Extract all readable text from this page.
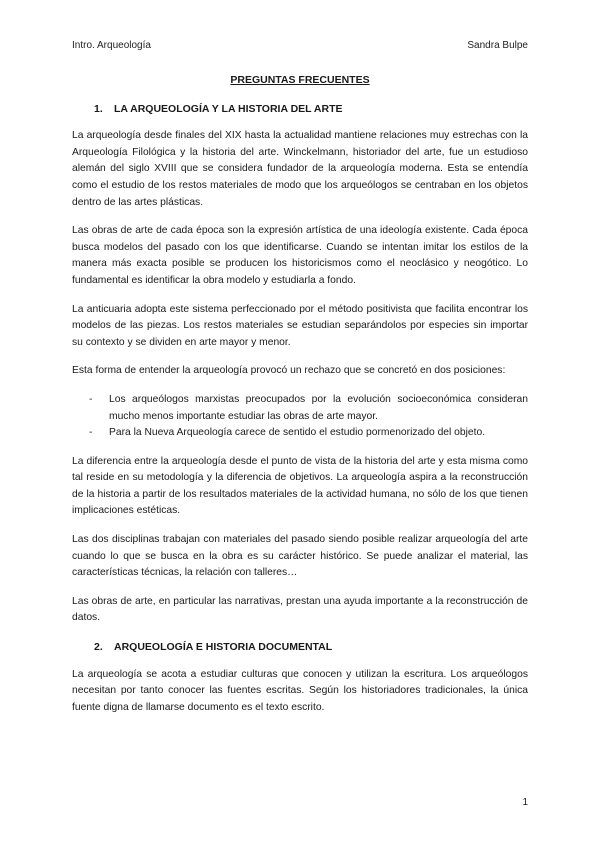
Intro. Arqueología	Sandra Bulpe
PREGUNTAS FRECUENTES
1. LA ARQUEOLOGÍA Y LA HISTORIA DEL ARTE

La arqueología desde finales del XIX hasta la actualidad mantiene relaciones muy estrechas con la Arqueología Filológica y la historia del arte. Winckelmann, historiador del arte, fue un estudioso alemán del siglo XVIII que se considera fundador de la arqueología moderna. Esta se entendía como el estudio de los restos materiales de modo que los arqueólogos se centraban en los objetos dentro de las artes plásticas.

Las obras de arte de cada época son la expresión artística de una ideología existente. Cada época busca modelos del pasado con los que identificarse. Cuando se intentan imitar los estilos de la manera más exacta posible se producen los historicismos como el neoclásico y neogótico. Lo fundamental es identificar la obra modelo y estudiarla a fondo.

La anticuaria adopta este sistema perfeccionado por el método positivista que facilita encontrar los modelos de las piezas. Los restos materiales se estudian separándolos por especies sin importar su contexto y se dividen en arte mayor y menor.

Esta forma de entender la arqueología provocó un rechazo que se concretó en dos posiciones:

- Los arqueólogos marxistas preocupados por la evolución socioeconómica consideran mucho menos importante estudiar las obras de arte mayor.
- Para la Nueva Arqueología carece de sentido el estudio pormenorizado del objeto.

La diferencia entre la arqueología desde el punto de vista de la historia del arte y esta misma como tal reside en su metodología y la diferencia de objetivos. La arqueología aspira a la reconstrucción de la historia a partir de los resultados materiales de la actividad humana, no sólo de los que tienen implicaciones estéticas.

Las dos disciplinas trabajan con materiales del pasado siendo posible realizar arqueología del arte cuando lo que se busca en la obra es su carácter histórico. Se puede analizar el material, las características técnicas, la relación con talleres…

Las obras de arte, en particular las narrativas, prestan una ayuda importante a la reconstrucción de datos.

2. ARQUEOLOGÍA E HISTORIA DOCUMENTAL

La arqueología se acota a estudiar culturas que conocen y utilizan la escritura. Los arqueólogos necesitan por tanto conocer las fuentes escritas. Según los historiadores tradicionales, la única fuente digna de llamarse documento es el texto escrito.

1
